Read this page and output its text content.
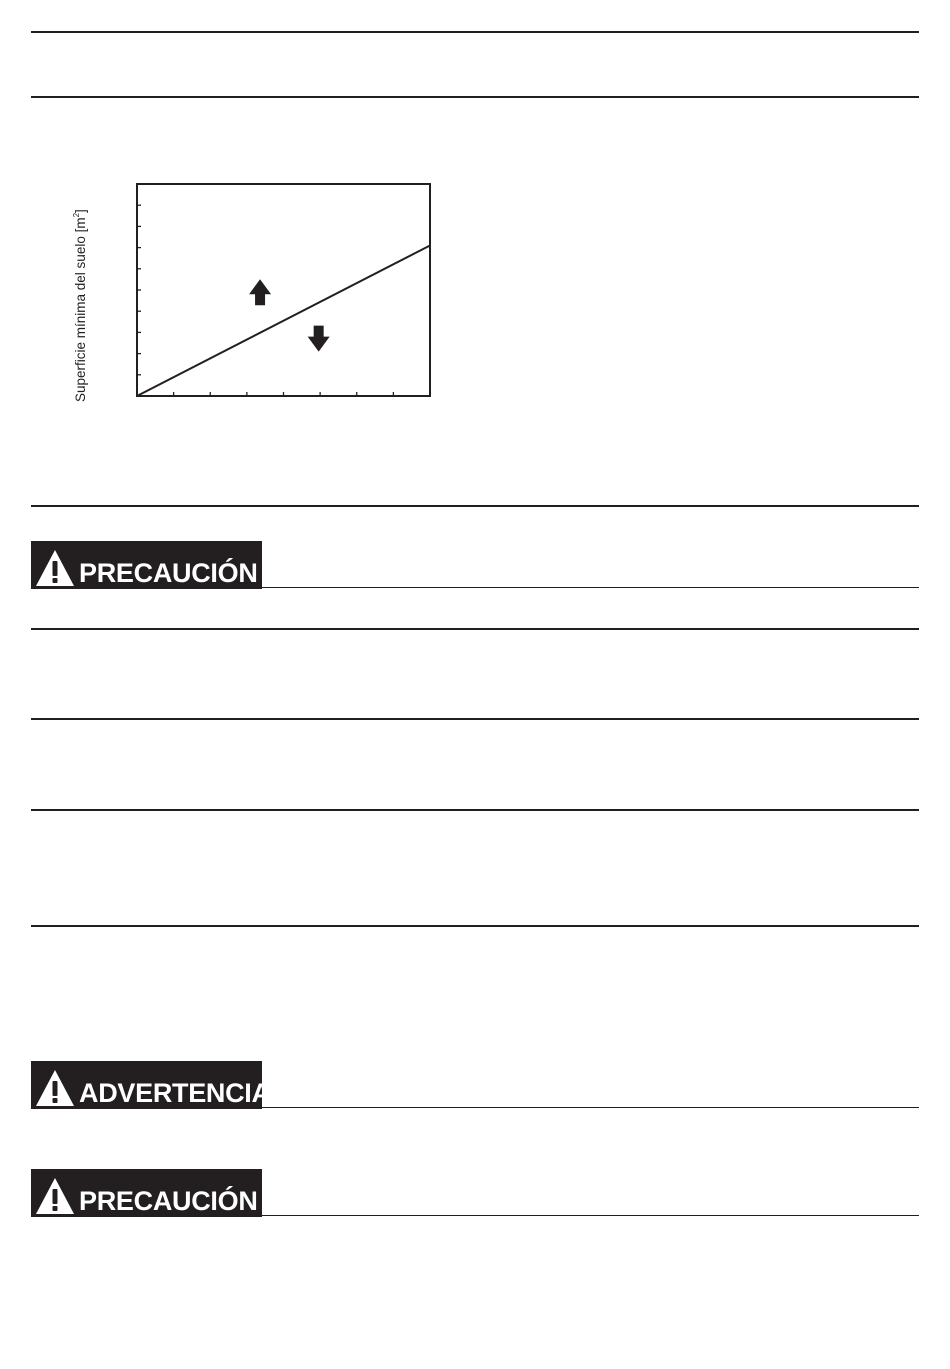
Superficie mínima del suelo $[m^2]$
PRECAUCIÓN
ADVERTENCIA
PRECAUCIÓN
